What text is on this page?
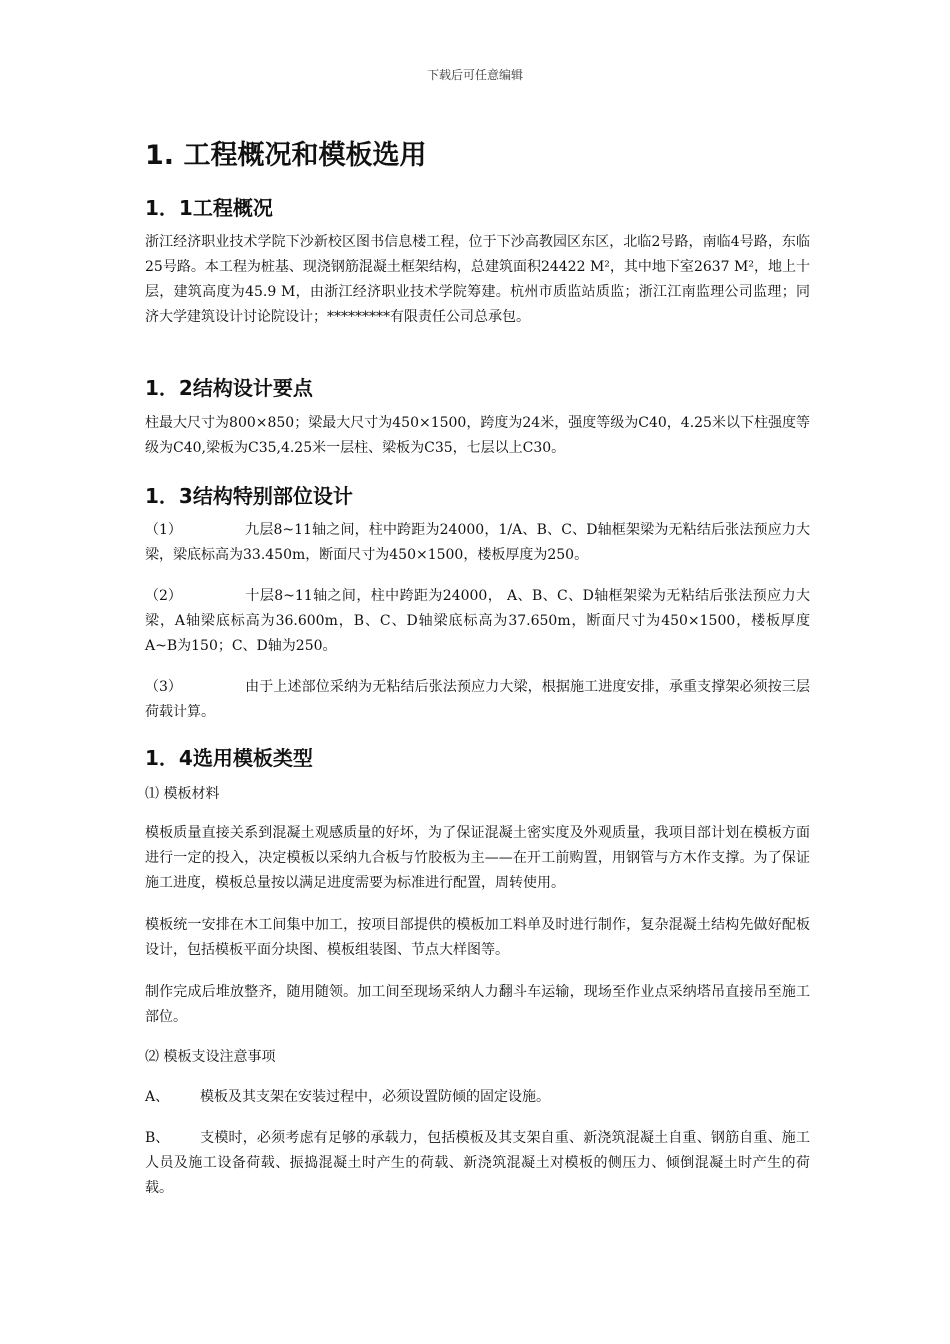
下载后可任意编辑
1. 工程概况和模板选用
1．1工程概况
浙江经济职业技术学院下沙新校区图书信息楼工程，位于下沙高教园区东区，北临2号路，南临4号路，东临25号路。本工程为桩基、现浇钢筋混凝土框架结构，总建筑面积24422 M²，其中地下室2637 M²，地上十层，建筑高度为45.9 M，由浙江经济职业技术学院筹建。杭州市质监站质监；浙江江南监理公司监理；同济大学建筑设计讨论院设计；*********有限责任公司总承包。
1．2结构设计要点
柱最大尺寸为800×850；梁最大尺寸为450×1500，跨度为24米，强度等级为C40，4.25米以下柱强度等级为C40,梁板为C35,4.25米一层柱、梁板为C35，七层以上C30。
1．3结构特别部位设计
（1）	九层8~11轴之间，柱中跨距为24000，1/A、B、C、D轴框架梁为无粘结后张法预应力大梁，梁底标高为33.450m，断面尺寸为450×1500，楼板厚度为250。
（2）	十层8~11轴之间，柱中跨距为24000， A、B、C、D轴框架梁为无粘结后张法预应力大梁，A轴梁底标高为36.600m，B、C、D轴梁底标高为37.650m，断面尺寸为450×1500，楼板厚度A~B为150；C、D轴为250。
（3）	由于上述部位采纳为无粘结后张法预应力大梁，根据施工进度安排，承重支撑架必须按三层荷载计算。
1．4选用模板类型
⑴ 模板材料
模板质量直接关系到混凝土观感质量的好坏，为了保证混凝土密实度及外观质量，我项目部计划在模板方面进行一定的投入，决定模板以采纳九合板与竹胶板为主——在开工前购置，用钢管与方木作支撑。为了保证施工进度，模板总量按以满足进度需要为标准进行配置，周转使用。
模板统一安排在木工间集中加工，按项目部提供的模板加工料单及时进行制作，复杂混凝土结构先做好配板设计，包括模板平面分块图、模板组装图、节点大样图等。
制作完成后堆放整齐，随用随领。加工间至现场采纳人力翻斗车运输，现场至作业点采纳塔吊直接吊至施工部位。
⑵ 模板支设注意事项
A、 模板及其支架在安装过程中，必须设置防倾的固定设施。
B、 支模时，必须考虑有足够的承载力，包括模板及其支架自重、新浇筑混凝土自重、钢筋自重、施工人员及施工设备荷载、振捣混凝土时产生的荷载、新浇筑混凝土对模板的侧压力、倾倒混凝土时产生的荷载。
